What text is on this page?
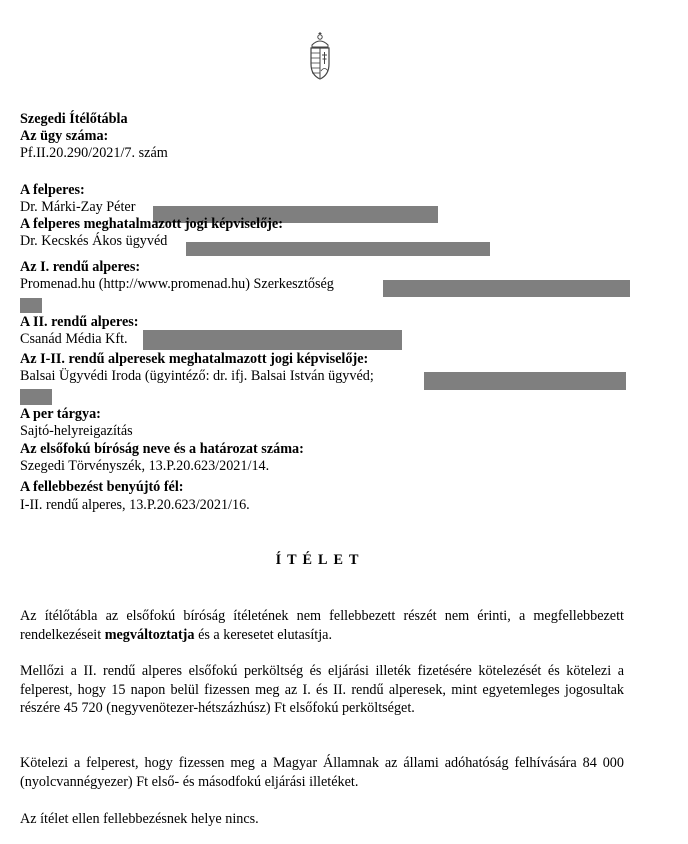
Szegedi Ítélőtábla
Az ügy száma:
Pf.II.20.290/2021/7. szám
A felperes:
Dr. Márki-Zay Péter
A felperes meghatalmazott jogi képviselője:
Dr. Kecskés Ákos ügyvéd
Az I. rendű alperes:
Promenad.hu (http://www.promenad.hu) Szerkesztőség
A II. rendű alperes:
Csanád Média Kft.
Az I-II. rendű alperesek meghatalmazott jogi képviselője:
Balsai Ügyvédi Iroda (ügyintéző: dr. ifj. Balsai István ügyvéd;
A per tárgya:
Sajtó-helyreigazítás
Az elsőfokú bíróság neve és a határozat száma:
Szegedi Törvényszék, 13.P.20.623/2021/14.
A fellebbezést benyújtó fél:
I-II. rendű alperes, 13.P.20.623/2021/16.
ÍTÉLET
Az ítélőtábla az elsőfokú bíróság ítéletének nem fellebbezett részét nem érinti, a megfellebbezett rendelkezéseit megváltoztatja és a keresetet elutasítja.
Mellőzi a II. rendű alperes elsőfokú perköltség és eljárási illeték fizetésére kötelezését és kötelezi a felperest, hogy 15 napon belül fizessen meg az I. és II. rendű alperesek, mint egyetemleges jogosultak részére 45 720 (negyvenötezer-hétszázhúsz) Ft elsőfokú perköltséget.
Kötelezi a felperest, hogy fizessen meg a Magyar Államnak az állami adóhatóság felhívására 84 000 (nyolcvannégyezer) Ft első- és másodfokú eljárási illetéket.
Az ítélet ellen fellebbezésnek helye nincs.
